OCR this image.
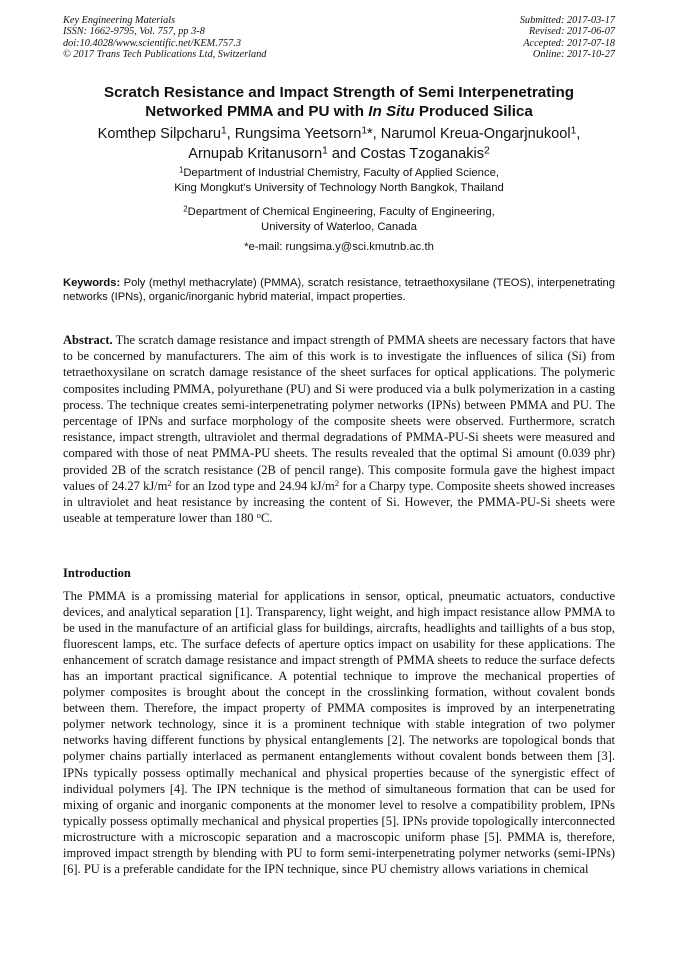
Key Engineering Materials
ISSN: 1662-9795, Vol. 757, pp 3-8
doi:10.4028/www.scientific.net/KEM.757.3
© 2017 Trans Tech Publications Ltd, Switzerland
Submitted: 2017-03-17
Revised: 2017-06-07
Accepted: 2017-07-18
Online: 2017-10-27
Scratch Resistance and Impact Strength of Semi Interpenetrating
Networked PMMA and PU with In Situ Produced Silica
Komthep Silpcharu$^1$, Rungsima Yeetsorn$^1$*, Narumol Kreua-Ongarjnukool$^1$,
Arnupab Kritanusorn$^1$ and Costas Tzoganakis$^2$
$^1$Department of Industrial Chemistry, Faculty of Applied Science,
King Mongkut's University of Technology North Bangkok, Thailand
$^2$Department of Chemical Engineering, Faculty of Engineering,
University of Waterloo, Canada
*e-mail: rungsima.y@sci.kmutnb.ac.th
Keywords: Poly (methyl methacrylate) (PMMA), scratch resistance, tetraethoxysilane (TEOS), interpenetrating networks (IPNs), organic/inorganic hybrid material, impact properties.
Abstract. The scratch damage resistance and impact strength of PMMA sheets are necessary factors that have to be concerned by manufacturers. The aim of this work is to investigate the influences of silica (Si) from tetraethoxysilane on scratch damage resistance of the sheet surfaces for optical applications. The polymeric composites including PMMA, polyurethane (PU) and Si were produced via a bulk polymerization in a casting process. The technique creates semi-interpenetrating polymer networks (IPNs) between PMMA and PU. The percentage of IPNs and surface morphology of the composite sheets were observed. Furthermore, scratch resistance, impact strength, ultraviolet and thermal degradations of PMMA-PU-Si sheets were measured and compared with those of neat PMMA-PU sheets. The results revealed that the optimal Si amount (0.039 phr) provided 2B of the scratch resistance (2B of pencil range). This composite formula gave the highest impact values of 24.27 $kJ/m^2$ for an Izod type and 24.94 $kJ/m^2$ for a Charpy type. Composite sheets showed increases in ultraviolet and heat resistance by increasing the content of Si. However, the PMMA-PU-Si sheets were useable at temperature lower than 180 $^o$C.
Introduction
The PMMA is a promissing material for applications in sensor, optical, pneumatic actuators, conductive devices, and analytical separation [1]. Transparency, light weight, and high impact resistance allow PMMA to be used in the manufacture of an artificial glass for buildings, aircrafts, headlights and taillights of a bus stop, fluorescent lamps, etc. The surface defects of aperture optics impact on usability for these applications. The enhancement of scratch damage resistance and impact strength of PMMA sheets to reduce the surface defects has an important practical significance. A potential technique to improve the mechanical properties of polymer composites is brought about the concept in the crosslinking formation, without covalent bonds between them. Therefore, the impact property of PMMA composites is improved by an interpenetrating polymer network technology, since it is a prominent technique with stable integration of two polymer networks having different functions by physical entanglements [2]. The networks are topological bonds that polymer chains partially interlaced as permanent entanglements without covalent bonds between them [3]. IPNs typically possess optimally mechanical and physical properties because of the synergistic effect of individual polymers [4]. The IPN technique is the method of simultaneous formation that can be used for mixing of organic and inorganic components at the monomer level to resolve a compatibility problem, IPNs typically possess optimally mechanical and physical properties [5]. IPNs provide topologically interconnected microstructure with a microscopic separation and a macroscopic uniform phase [5]. PMMA is, therefore, improved impact strength by blending with PU to form semi-interpenetrating polymer networks (semi-IPNs) [6]. PU is a preferable candidate for the IPN technique, since PU chemistry allows variations in chemical
